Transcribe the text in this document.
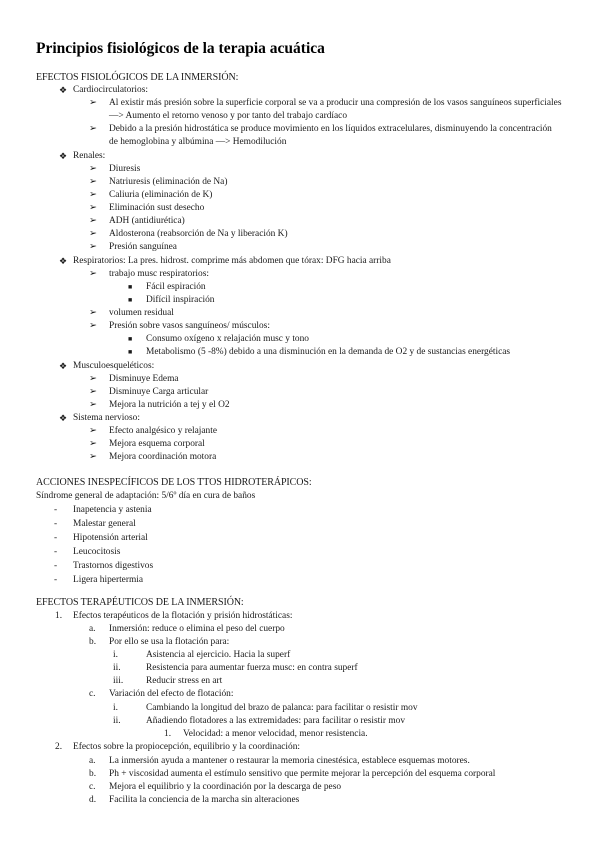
Principios fisiológicos de la terapia acuática
EFECTOS FISIOLÓGICOS DE LA INMERSIÓN:
❖ Cardiocirculatorios:
➢ Al existir más presión sobre la superficie corporal se va a producir una compresión de los vasos sanguíneos superficiales
—> Aumento el retorno venoso y por tanto del trabajo cardíaco
➢ Debido a la presión hidrostática se produce movimiento en los líquidos extracelulares, disminuyendo la concentración
de hemoglobina y albúmina —> Hemodilución
❖ Renales:
➢ Diuresis
➢ Natriuresis (eliminación de Na)
➢ Caliuria (eliminación de K)
➢ Eliminación sust desecho
➢ ADH (antidiurética)
➢ Aldosterona (reabsorción de Na y liberación K)
➢ Presión sanguínea
❖ Respiratorios: La pres. hidrost. comprime más abdomen que tórax: DFG hacia arriba
➢ trabajo musc respiratorios:
■ Fácil espiración
■ Difícil inspiración
➢ volumen residual
➢ Presión sobre vasos sanguíneos/ músculos:
■ Consumo oxígeno x relajación musc y tono
■ Metabolismo (5 -8%) debido a una disminución en la demanda de O2 y de sustancias energéticas
❖ Musculoesqueléticos:
➢ Disminuye Edema
➢ Disminuye Carga articular
➢ Mejora la nutrición a tej y el O2
❖ Sistema nervioso:
➢ Efecto analgésico y relajante
➢ Mejora esquema corporal
➢ Mejora coordinación motora
ACCIONES INESPECÍFICOS DE LOS TTOS HIDROTERÁPICOS:
Síndrome general de adaptación: 5/6º día en cura de baños
- Inapetencia y astenia
- Malestar general
- Hipotensión arterial
- Leucocitosis
- Trastornos digestivos
- Ligera hipertermia
EFECTOS TERAPÉUTICOS DE LA INMERSIÓN:
1. Efectos terapéuticos de la flotación y prisión hidrostáticas:
a. Inmersión: reduce o elimina el peso del cuerpo
b. Por ello se usa la flotación para:
i.	Asistencia al ejercicio. Hacia la superf
ii.	Resistencia para aumentar fuerza musc: en contra superf
iii. Reducir stress en art
c. Variación del efecto de flotación:
i.	Cambiando la longitud del brazo de palanca: para facilitar o resistir mov
ii.	Añadiendo flotadores a las extremidades: para facilitar o resistir mov
1. Velocidad: a menor velocidad, menor resistencia.
2. Efectos sobre la propiocepción, equilibrio y la coordinación:
a. La inmersión ayuda a mantener o restaurar la memoria cinestésica, establece esquemas motores.
b. Ph + viscosidad aumenta el estímulo sensitivo que permite mejorar la percepción del esquema corporal
c. Mejora el equilibrio y la coordinación por la descarga de peso
d. Facilita la conciencia de la marcha sin alteraciones
